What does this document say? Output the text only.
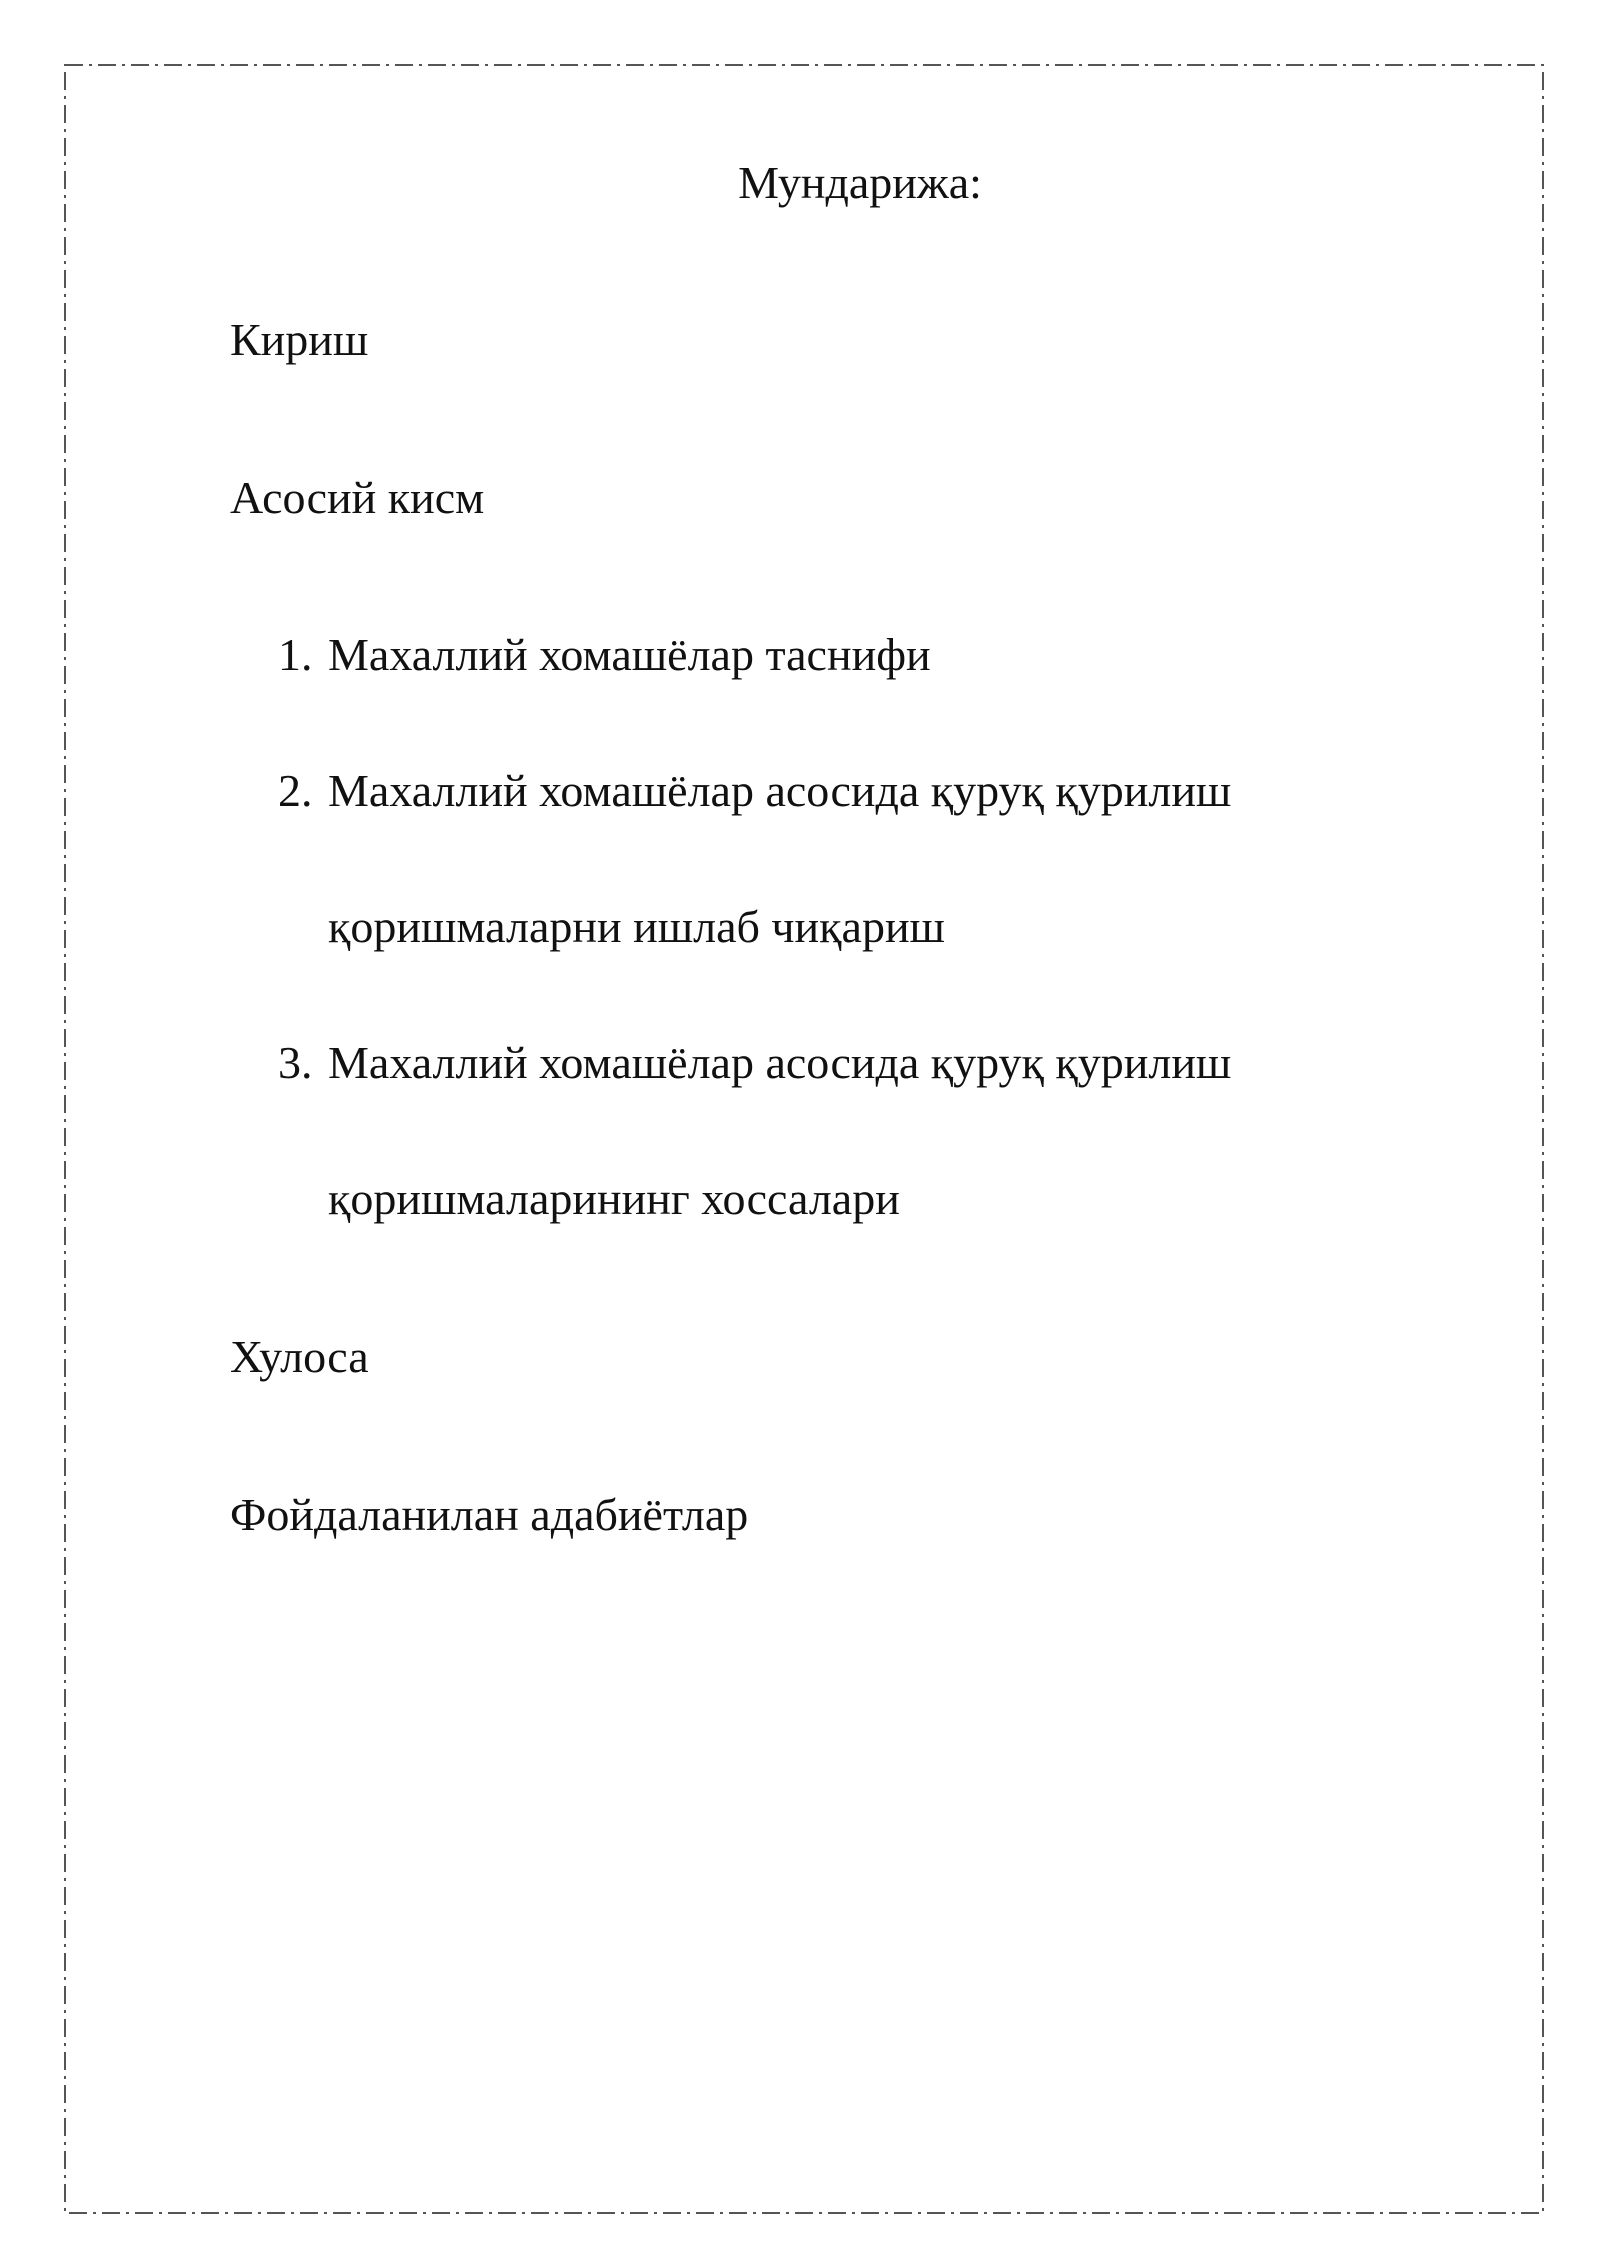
Мундарижа:
Кириш
Асосий кисм
1. Махаллий хомашёлар таснифи
2. Махаллий хомашёлар асосида қуруқ қурилиш
қоришмаларни ишлаб чиқариш
3. Махаллий хомашёлар асосида қуруқ қурилиш
қоришмаларининг хоссалари
Хулоса
Фойдаланилан адабиётлар
